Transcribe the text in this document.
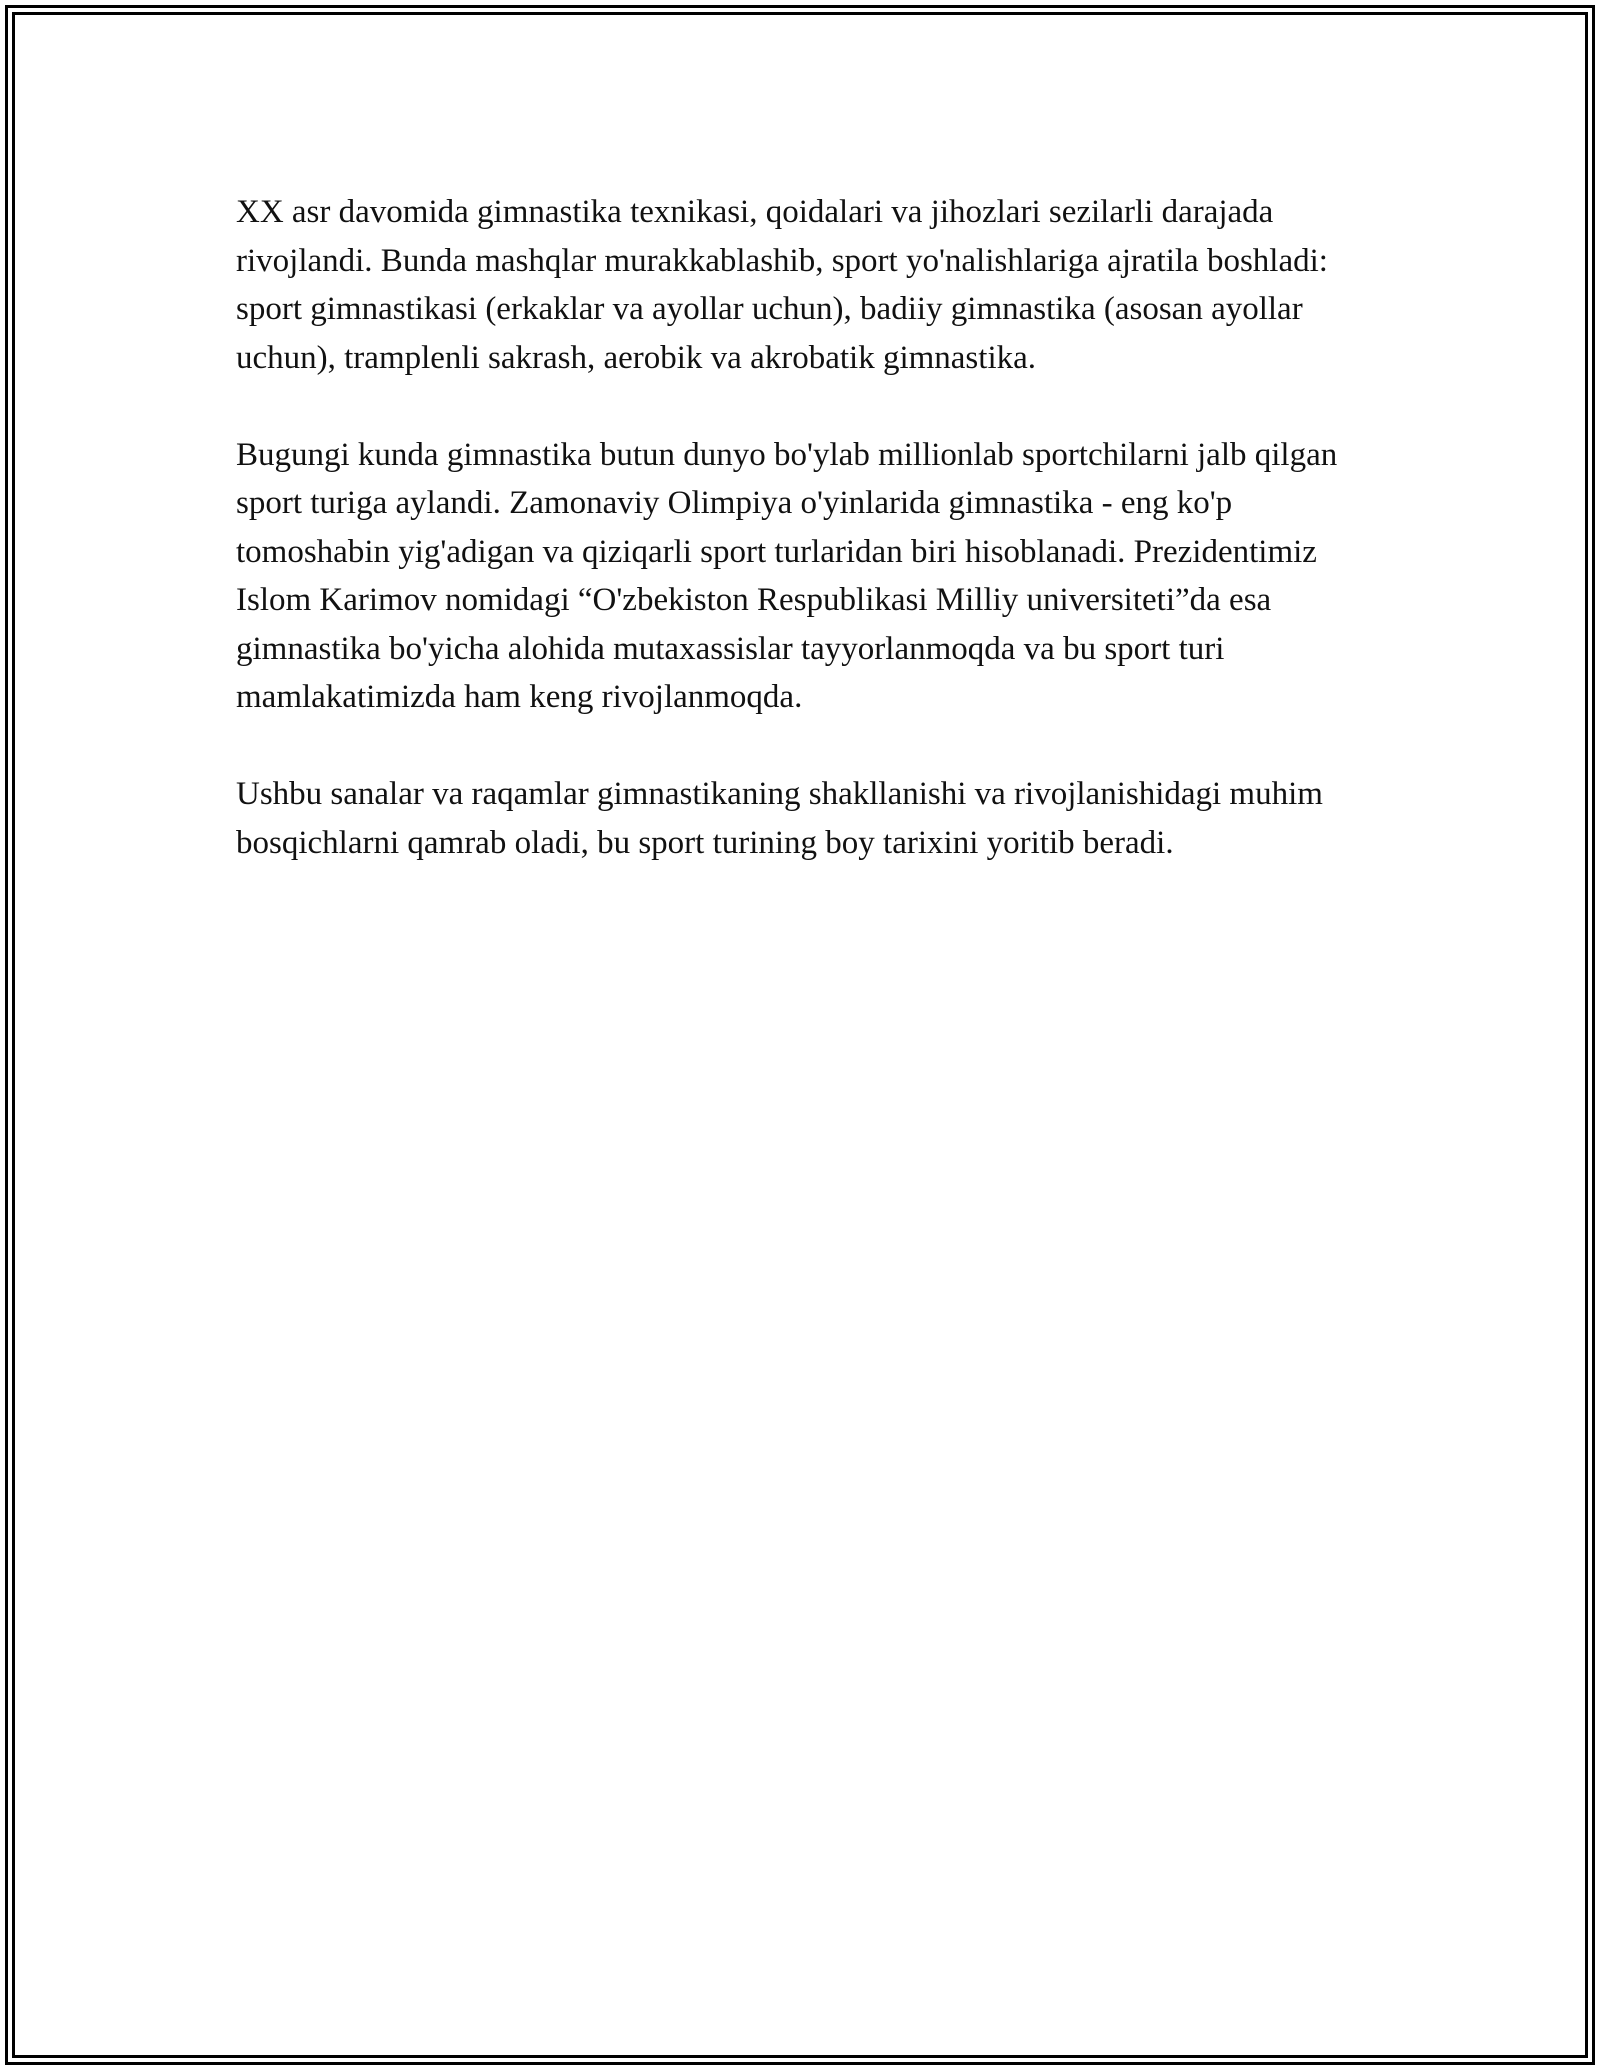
XX asr davomida gimnastika texnikasi, qoidalari va jihozlari sezilarli darajada rivojlandi. Bunda mashqlar murakkablashib, sport yo'nalishlariga ajratila boshladi: sport gimnastikasi (erkaklar va ayollar uchun), badiiy gimnastika (asosan ayollar uchun), tramplenli sakrash, aerobik va akrobatik gimnastika.

Bugungi kunda gimnastika butun dunyo bo'ylab millionlab sportchilarni jalb qilgan sport turiga aylandi. Zamonaviy Olimpiya o'yinlarida gimnastika - eng ko'p tomoshabin yig'adigan va qiziqarli sport turlaridan biri hisoblanadi. Prezidentimiz Islom Karimov nomidagi “O'zbekiston Respublikasi Milliy universiteti”da esa gimnastika bo'yicha alohida mutaxassislar tayyorlanmoqda va bu sport turi mamlakatimizda ham keng rivojlanmoqda.

Ushbu sanalar va raqamlar gimnastikaning shakllanishi va rivojlanishidagi muhim bosqichlarni qamrab oladi, bu sport turining boy tarixini yoritib beradi.
